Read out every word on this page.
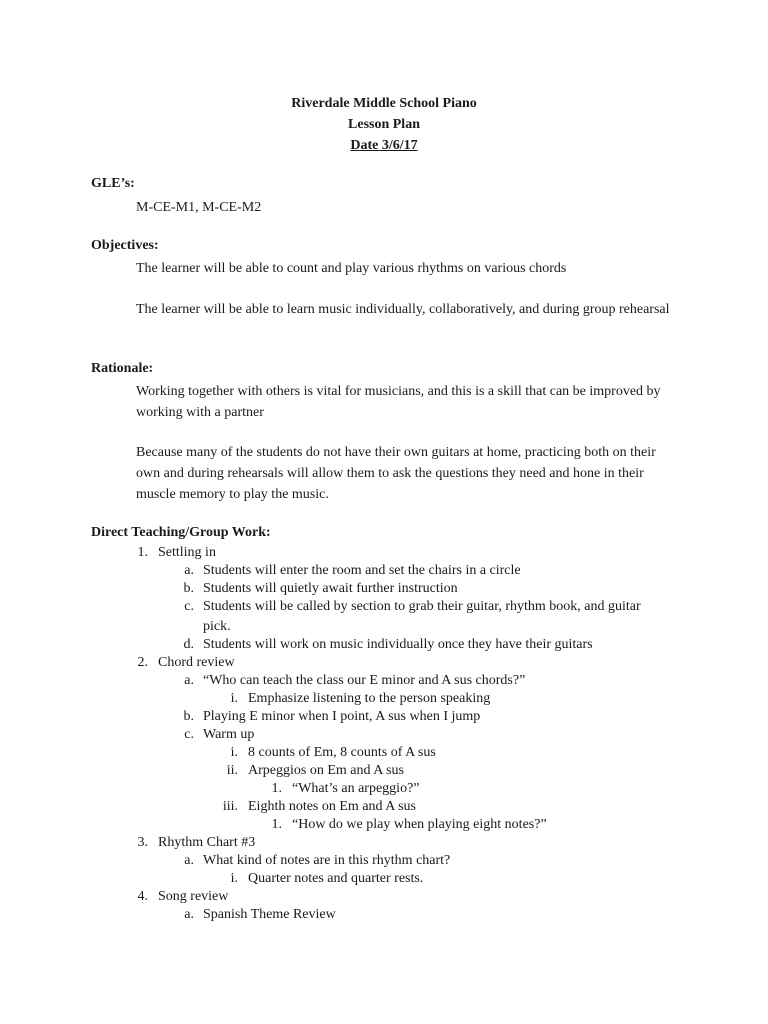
Riverdale Middle School Piano
Lesson Plan
Date 3/6/17
GLE’s:
M-CE-M1, M-CE-M2
Objectives:
The learner will be able to count and play various rhythms on various chords
The learner will be able to learn music individually, collaboratively, and during group rehearsal
Rationale:
Working together with others is vital for musicians, and this is a skill that can be improved by working with a partner
Because many of the students do not have their own guitars at home, practicing both on their own and during rehearsals will allow them to ask the questions they need and hone in their muscle memory to play the music.
Direct Teaching/Group Work:
1. Settling in
a. Students will enter the room and set the chairs in a circle
b. Students will quietly await further instruction
c. Students will be called by section to grab their guitar, rhythm book, and guitar
pick.
d. Students will work on music individually once they have their guitars
2. Chord review
a. “Who can teach the class our E minor and A sus chords?”
i. Emphasize listening to the person speaking
b. Playing E minor when I point, A sus when I jump
c. Warm up
i. 8 counts of Em, 8 counts of A sus
ii. Arpeggios on Em and A sus
1. “What’s an arpeggio?”
iii. Eighth notes on Em and A sus
1. “How do we play when playing eight notes?”
3. Rhythm Chart #3
a. What kind of notes are in this rhythm chart?
i. Quarter notes and quarter rests.
4. Song review
a. Spanish Theme Review
